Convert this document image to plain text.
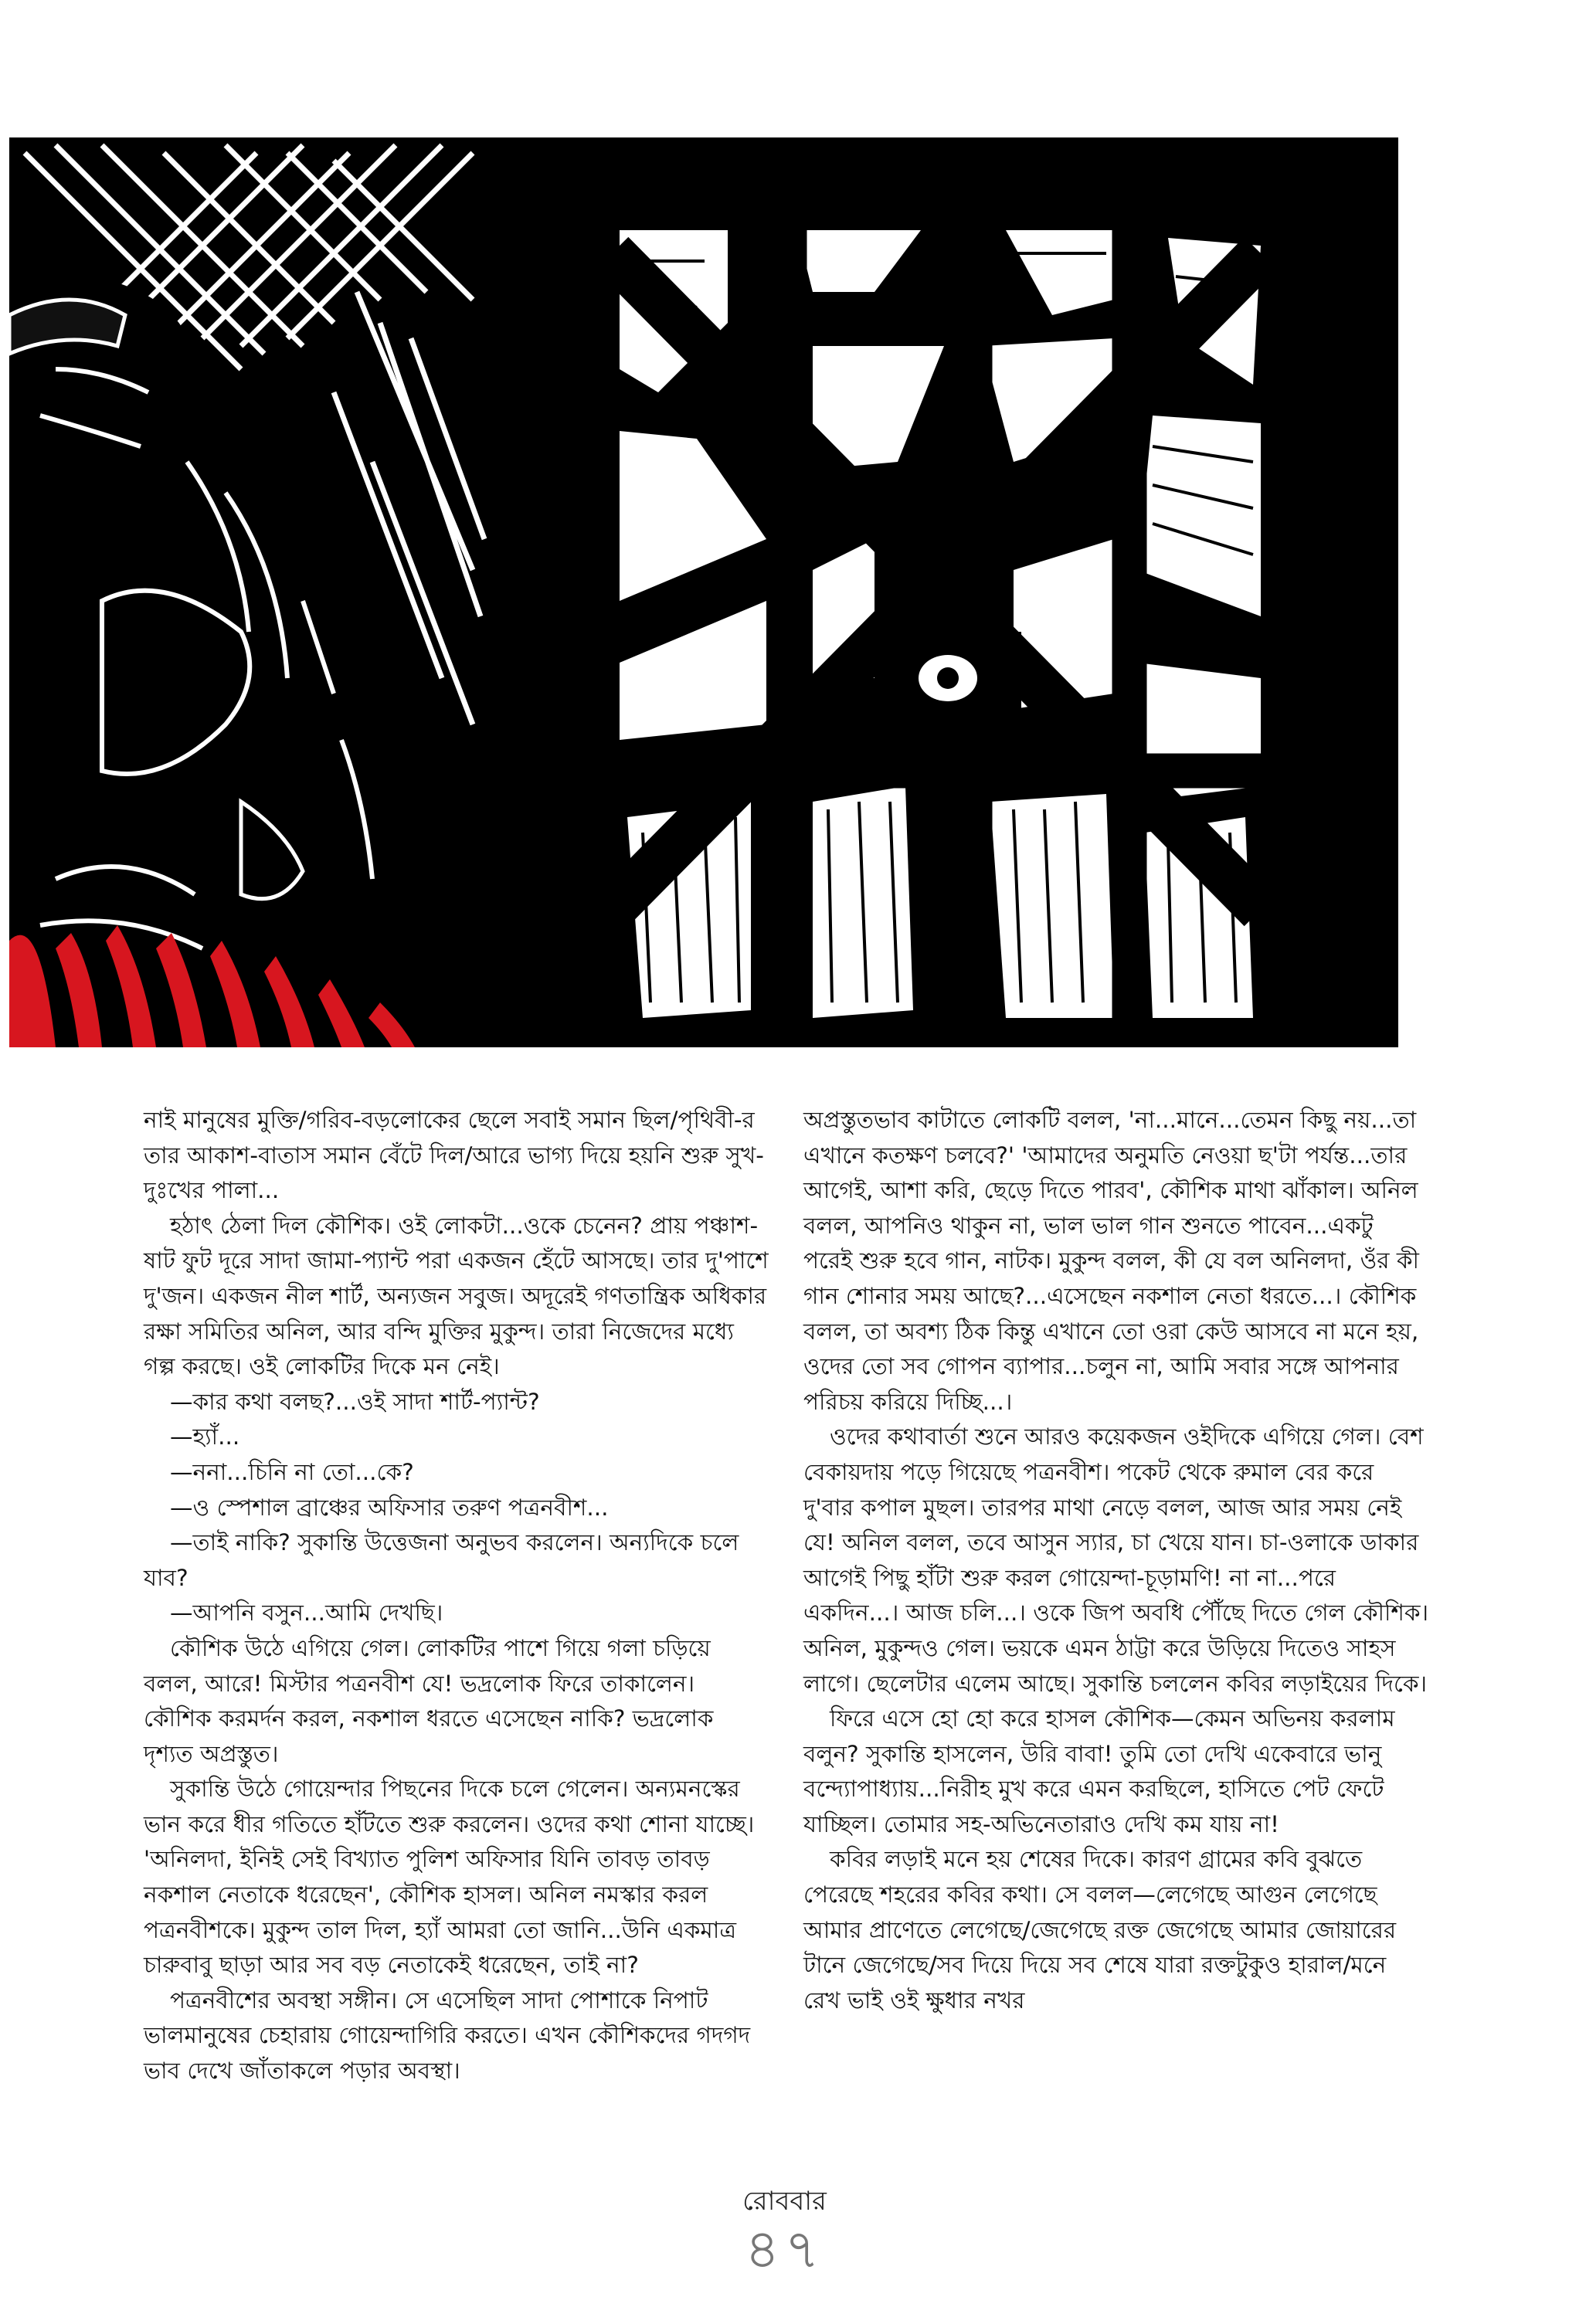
নাই মানুষের মুক্তি/গরিব-বড়লোকের ছেলে সবাই সমান ছিল/পৃথিবী-র তার আকাশ-বাতাস সমান বেঁটে দিল/আরে ভাগ্য দিয়ে হয়নি শুরু সুখ-দুঃখের পালা...

হঠাৎ ঠেলা দিল কৌশিক। ওই লোকটা...ওকে চেনেন? প্রায় পঞ্চাশ-ষাট ফুট দূরে সাদা জামা-প্যান্ট পরা একজন হেঁটে আসছে। তার দু'পাশে দু'জন। একজন নীল শার্ট, অন্যজন সবুজ। অদূরেই গণতান্ত্রিক অধিকার রক্ষা সমিতির অনিল, আর বন্দি মুক্তির মুকুন্দ। তারা নিজেদের মধ্যে গল্প করছে। ওই লোকটির দিকে মন নেই।

—কার কথা বলছ?...ওই সাদা শার্ট-প্যান্ট?

—হ্যাঁ...

—ননা...চিনি না তো...কে?

—ও স্পেশাল ব্রাঞ্চের অফিসার তরুণ পত্রনবীশ...

—তাই নাকি? সুকান্তি উত্তেজনা অনুভব করলেন। অন্যদিকে চলে যাব?

—আপনি বসুন...আমি দেখছি।

কৌশিক উঠে এগিয়ে গেল। লোকটির পাশে গিয়ে গলা চড়িয়ে বলল, আরে! মিস্টার পত্রনবীশ যে! ভদ্রলোক ফিরে তাকালেন। কৌশিক করমর্দন করল, নকশাল ধরতে এসেছেন নাকি? ভদ্রলোক দৃশ্যত অপ্রস্তুত।

সুকান্তি উঠে গোয়েন্দার পিছনের দিকে চলে গেলেন। অন্যমনস্কের ভান করে ধীর গতিতে হাঁটতে শুরু করলেন। ওদের কথা শোনা যাচ্ছে। 'অনিলদা, ইনিই সেই বিখ্যাত পুলিশ অফিসার যিনি তাবড় তাবড় নকশাল নেতাকে ধরেছেন', কৌশিক হাসল। অনিল নমস্কার করল পত্রনবীশকে। মুকুন্দ তাল দিল, হ্যাঁ আমরা তো জানি...উনি একমাত্র চারুবাবু ছাড়া আর সব বড় নেতাকেই ধরেছেন, তাই না?

পত্রনবীশের অবস্থা সঙ্গীন। সে এসেছিল সাদা পোশাকে নিপাট ভালমানুষের চেহারায় গোয়েন্দাগিরি করতে। এখন কৌশিকদের গদগদ ভাব দেখে জাঁতাকলে পড়ার অবস্থা।

অপ্রস্তুতভাব কাটাতে লোকটি বলল, 'না...মানে...তেমন কিছু নয়...তা এখানে কতক্ষণ চলবে?' 'আমাদের অনুমতি নেওয়া ছ'টা পর্যন্ত...তার আগেই, আশা করি, ছেড়ে দিতে পারব', কৌশিক মাথা ঝাঁকাল। অনিল বলল, আপনিও থাকুন না, ভাল ভাল গান শুনতে পাবেন...একটু পরেই শুরু হবে গান, নাটক। মুকুন্দ বলল, কী যে বল অনিলদা, ওঁর কী গান শোনার সময় আছে?...এসেছেন নকশাল নেতা ধরতে...। কৌশিক বলল, তা অবশ্য ঠিক কিন্তু এখানে তো ওরা কেউ আসবে না মনে হয়, ওদের তো সব গোপন ব্যাপার...চলুন না, আমি সবার সঙ্গে আপনার পরিচয় করিয়ে দিচ্ছি...।

ওদের কথাবার্তা শুনে আরও কয়েকজন ওইদিকে এগিয়ে গেল। বেশ বেকায়দায় পড়ে গিয়েছে পত্রনবীশ। পকেট থেকে রুমাল বের করে দু'বার কপাল মুছল। তারপর মাথা নেড়ে বলল, আজ আর সময় নেই যে! অনিল বলল, তবে আসুন স্যার, চা খেয়ে যান। চা-ওলাকে ডাকার আগেই পিছু হাঁটা শুরু করল গোয়েন্দা-চূড়ামণি! না না...পরে একদিন...। আজ চলি...। ওকে জিপ অবধি পৌঁছে দিতে গেল কৌশিক। অনিল, মুকুন্দও গেল। ভয়কে এমন ঠাট্টা করে উড়িয়ে দিতেও সাহস লাগে। ছেলেটার এলেম আছে। সুকান্তি চললেন কবির লড়াইয়ের দিকে।

ফিরে এসে হো হো করে হাসল কৌশিক—কেমন অভিনয় করলাম বলুন? সুকান্তি হাসলেন, উরি বাবা! তুমি তো দেখি একেবারে ভানু বন্দ্যোপাধ্যায়...নিরীহ মুখ করে এমন করছিলে, হাসিতে পেট ফেটে যাচ্ছিল। তোমার সহ-অভিনেতারাও দেখি কম যায় না!

কবির লড়াই মনে হয় শেষের দিকে। কারণ গ্রামের কবি বুঝতে পেরেছে শহরের কবির কথা। সে বলল—লেগেছে আগুন লেগেছে আমার প্রাণেতে লেগেছে/জেগেছে রক্ত জেগেছে আমার জোয়ারের টানে জেগেছে/সব দিয়ে দিয়ে সব শেষে যারা রক্তটুকুও হারাল/মনে রেখ ভাই ওই ক্ষুধার নখর

রোববার
৪৭
